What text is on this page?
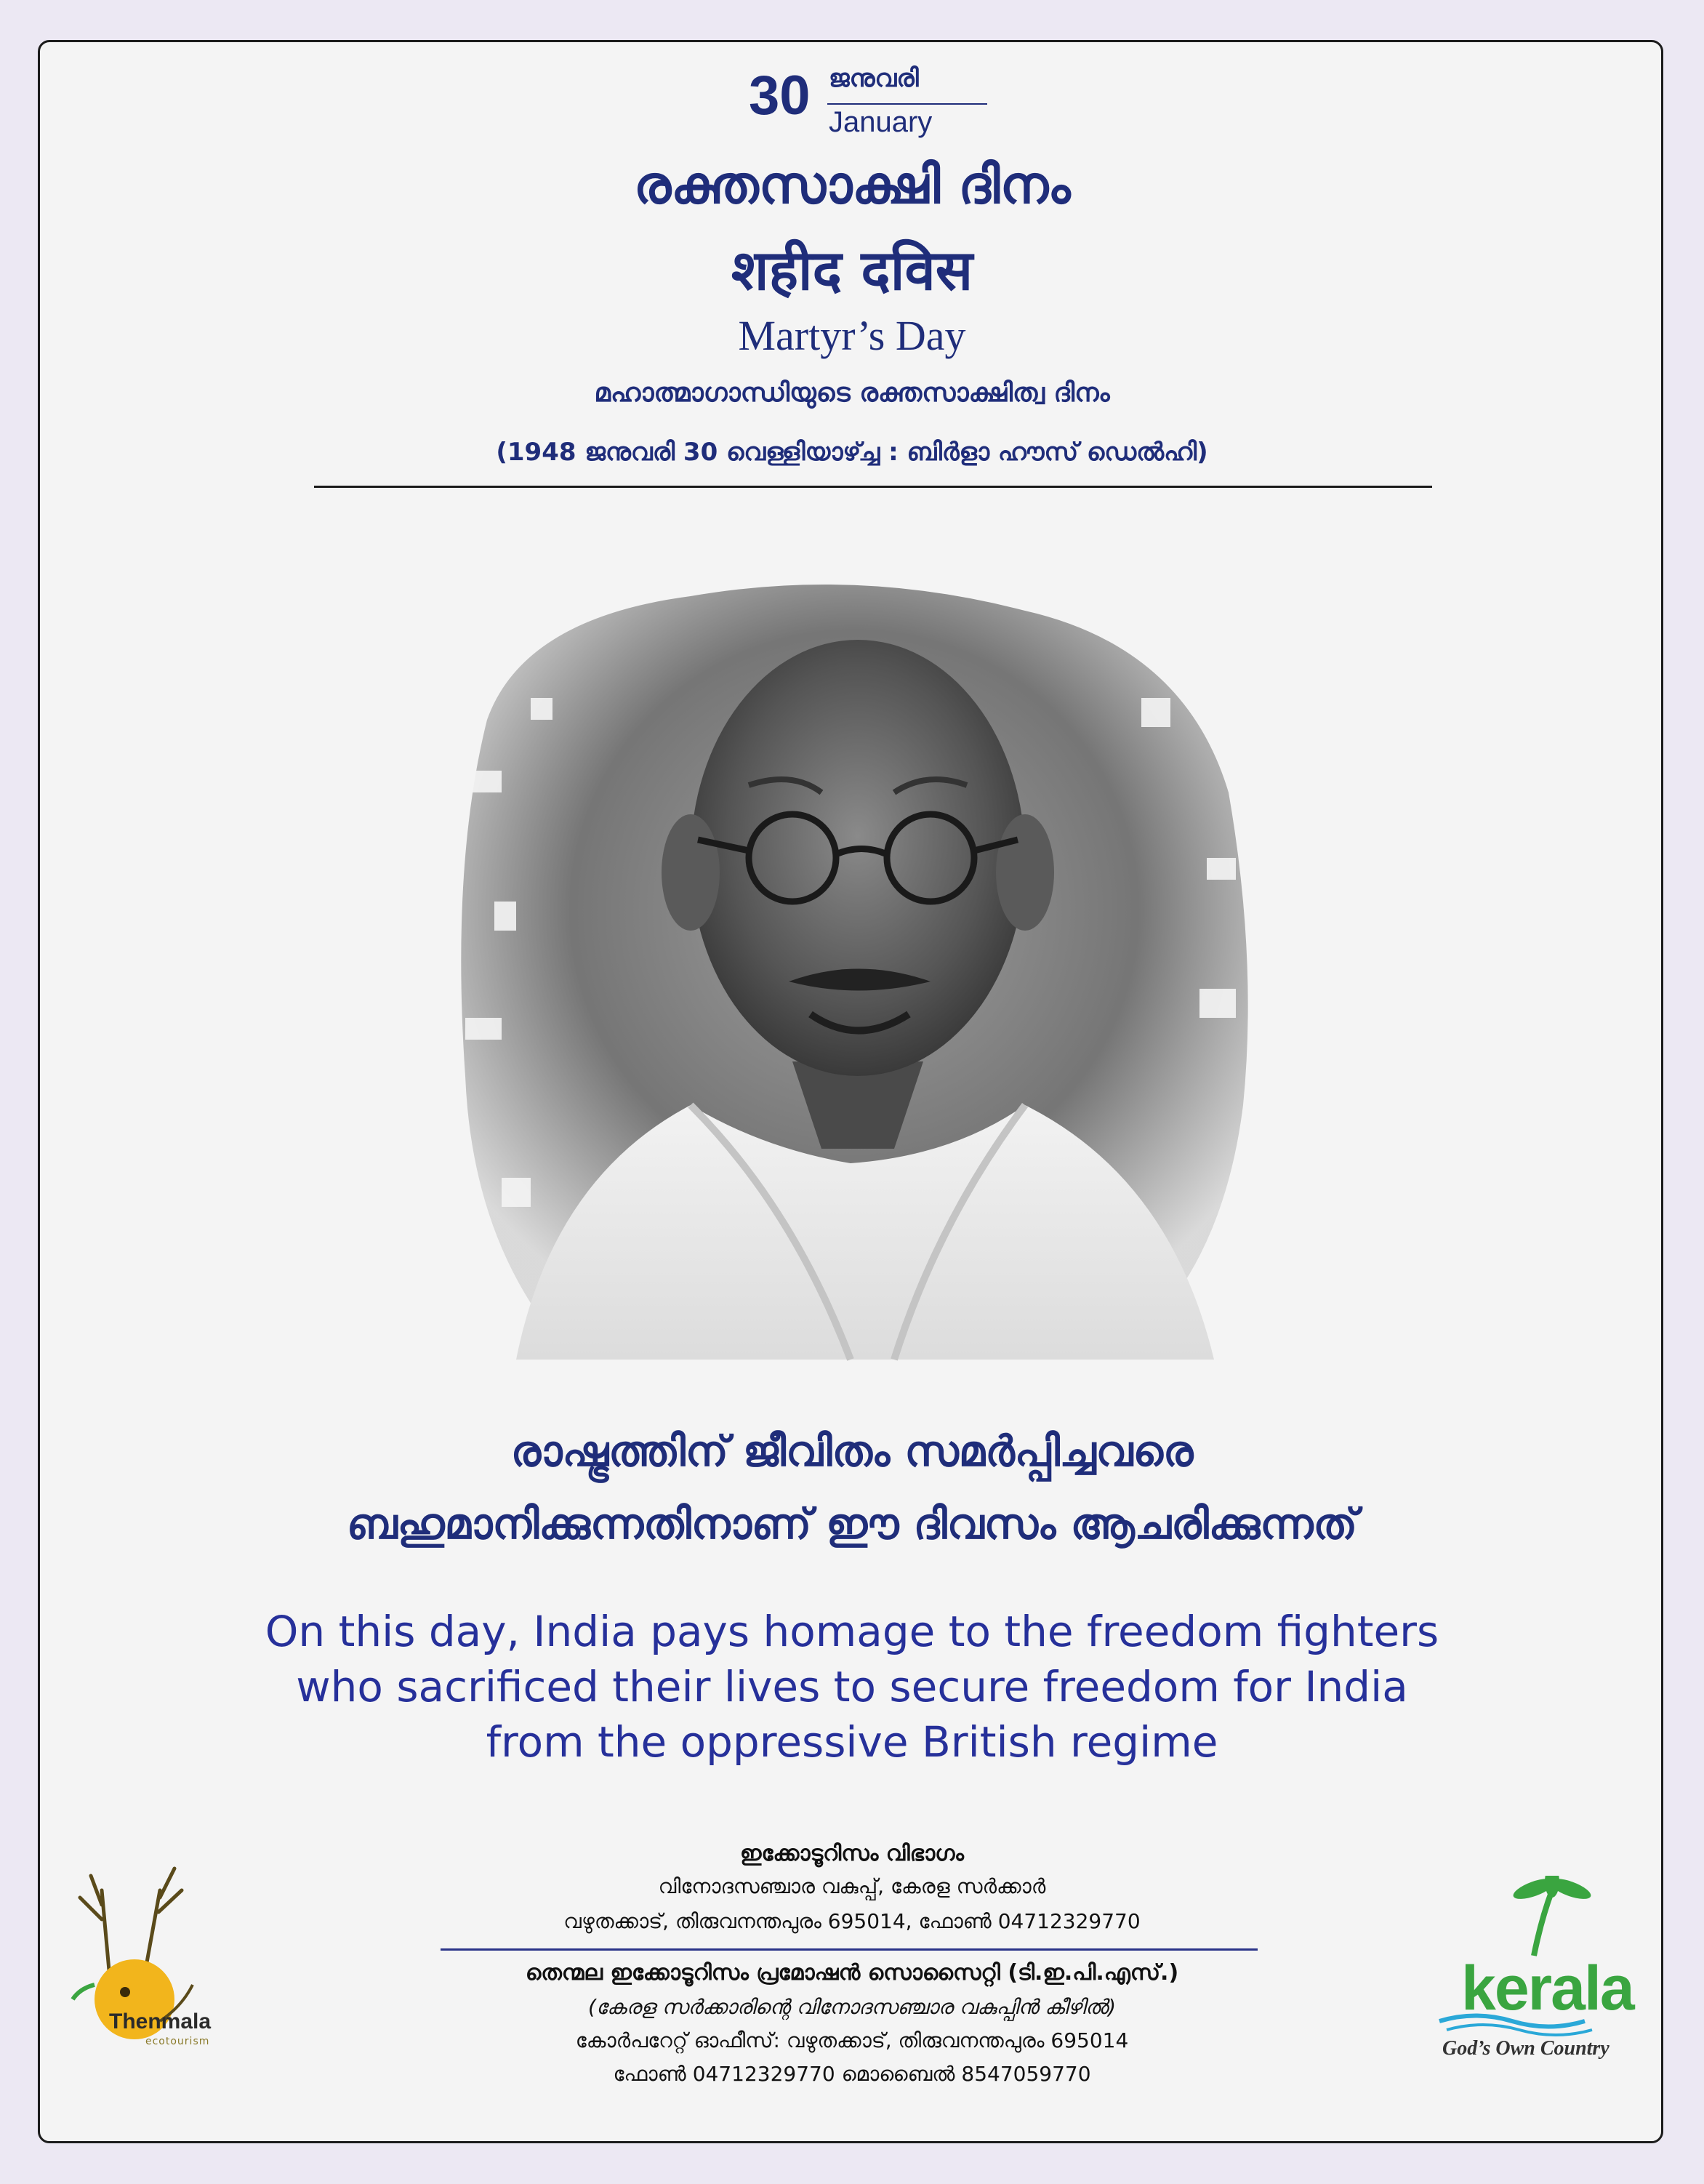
30 ജനുവരി
January
രക്തസാക്ഷി ദിനം
शहीद दविस
Martyr’s Day
മഹാത്മാഗാന്ധിയുടെ രക്തസാക്ഷിത്വ ദിനം
(1948 ജനുവരി 30 വെള്ളിയാഴ്ച്ച : ബിർളാ ഹൗസ് ഡെൽഹി)
രാഷ്ട്രത്തിന് ജീവിതം സമർപ്പിച്ചവരെ
ബഹുമാനിക്കുന്നതിനാണ് ഈ ദിവസം ആചരിക്കുന്നത്
On this day, India pays homage to the freedom fighters
who sacrificed their lives to secure freedom for India
from the oppressive British regime
ഇക്കോടൂറിസം വിഭാഗം
വിനോദസഞ്ചാര വകുപ്പ്, കേരള സർക്കാർ
വഴുതക്കാട്, തിരുവനന്തപുരം 695014, ഫോൺ 04712329770
തെന്മല ഇക്കോടൂറിസം പ്രമോഷൻ സൊസൈറ്റി (ടി.ഇ.പി.എസ്.)
(കേരള സർക്കാരിന്റെ വിനോദസഞ്ചാര വകുപ്പിൻ കീഴിൽ)
കോർപറേറ്റ് ഓഫീസ്: വഴുതക്കാട്, തിരുവനന്തപുരം 695014
ഫോൺ 04712329770 മൊബൈൽ 8547059770
Thenmala
ecotourism
kerala
God’s Own Country
